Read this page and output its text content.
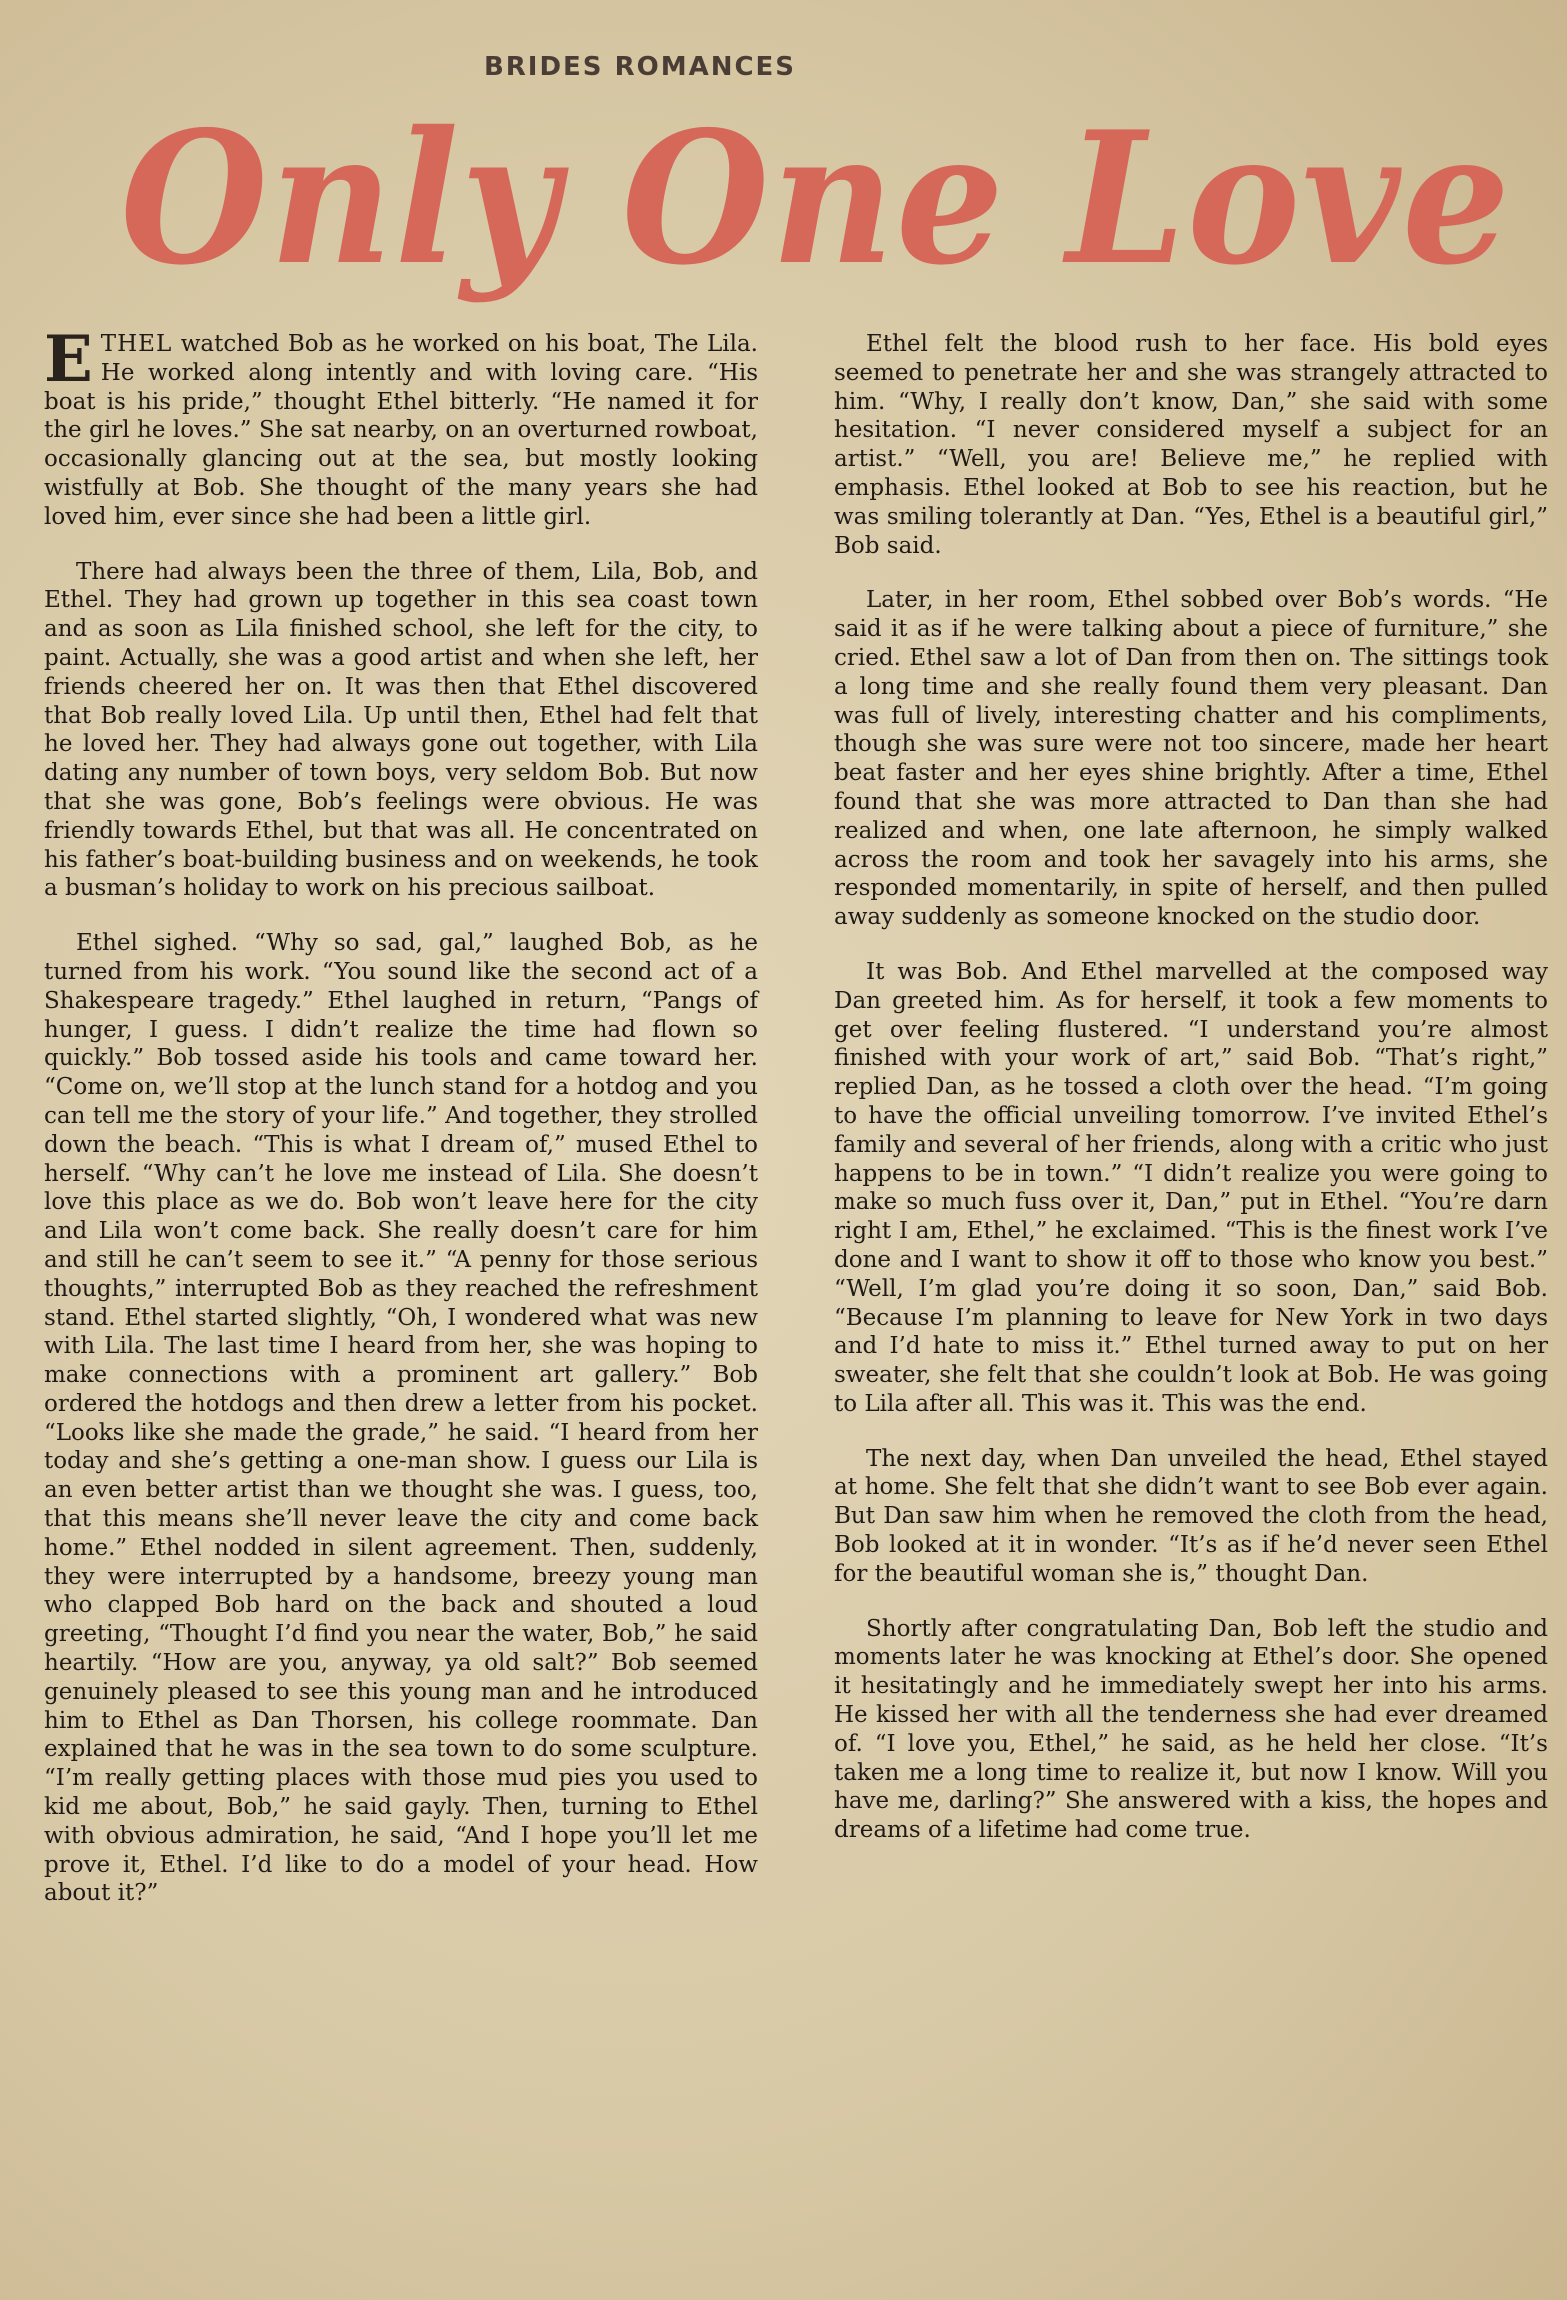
BRIDES ROMANCES
Only One Love

ETHEL watched Bob as he worked on his boat, The Lila. He worked along intently and with loving care. “His boat is his pride,” thought Ethel bitterly. “He named it for the girl he loves.” She sat nearby, on an overturned rowboat, occasionally glancing out at the sea, but mostly looking wistfully at Bob. She thought of the many years she had loved him, ever since she had been a little girl.

There had always been the three of them, Lila, Bob, and Ethel. They had grown up together in this sea coast town and as soon as Lila finished school, she left for the city, to paint. Actually, she was a good artist and when she left, her friends cheered her on. It was then that Ethel discovered that Bob really loved Lila. Up until then, Ethel had felt that he loved her. They had always gone out together, with Lila dating any number of town boys, very seldom Bob. But now that she was gone, Bob’s feelings were obvious. He was friendly towards Ethel, but that was all. He concentrated on his father’s boat-building business and on weekends, he took a busman’s holiday to work on his precious sailboat.

Ethel sighed. “Why so sad, gal,” laughed Bob, as he turned from his work. “You sound like the second act of a Shakespeare tragedy.” Ethel laughed in return, “Pangs of hunger, I guess. I didn’t realize the time had flown so quickly.” Bob tossed aside his tools and came toward her. “Come on, we’ll stop at the lunch stand for a hotdog and you can tell me the story of your life.” And together, they strolled down the beach. “This is what I dream of,” mused Ethel to herself. “Why can’t he love me instead of Lila. She doesn’t love this place as we do. Bob won’t leave here for the city and Lila won’t come back. She really doesn’t care for him and still he can’t seem to see it.” “A penny for those serious thoughts,” interrupted Bob as they reached the refreshment stand. Ethel started slightly, “Oh, I wondered what was new with Lila. The last time I heard from her, she was hoping to make connections with a prominent art gallery.” Bob ordered the hotdogs and then drew a letter from his pocket. “Looks like she made the grade,” he said. “I heard from her today and she’s getting a one-man show. I guess our Lila is an even better artist than we thought she was. I guess, too, that this means she’ll never leave the city and come back home.” Ethel nodded in silent agreement. Then, suddenly, they were interrupted by a handsome, breezy young man who clapped Bob hard on the back and shouted a loud greeting, “Thought I’d find you near the water, Bob,” he said heartily. “How are you, anyway, ya old salt?” Bob seemed genuinely pleased to see this young man and he introduced him to Ethel as Dan Thorsen, his college roommate. Dan explained that he was in the sea town to do some sculpture. “I’m really getting places with those mud pies you used to kid me about, Bob,” he said gayly. Then, turning to Ethel with obvious admiration, he said, “And I hope you’ll let me prove it, Ethel. I’d like to do a model of your head. How about it?”

Ethel felt the blood rush to her face. His bold eyes seemed to penetrate her and she was strangely attracted to him. “Why, I really don’t know, Dan,” she said with some hesitation. “I never considered myself a subject for an artist.” “Well, you are! Believe me,” he replied with emphasis. Ethel looked at Bob to see his reaction, but he was smiling tolerantly at Dan. “Yes, Ethel is a beautiful girl,” Bob said.

Later, in her room, Ethel sobbed over Bob’s words. “He said it as if he were talking about a piece of furniture,” she cried. Ethel saw a lot of Dan from then on. The sittings took a long time and she really found them very pleasant. Dan was full of lively, interesting chatter and his compliments, though she was sure were not too sincere, made her heart beat faster and her eyes shine brightly. After a time, Ethel found that she was more attracted to Dan than she had realized and when, one late afternoon, he simply walked across the room and took her savagely into his arms, she responded momentarily, in spite of herself, and then pulled away suddenly as someone knocked on the studio door.

It was Bob. And Ethel marvelled at the composed way Dan greeted him. As for herself, it took a few moments to get over feeling flustered. “I understand you’re almost finished with your work of art,” said Bob. “That’s right,” replied Dan, as he tossed a cloth over the head. “I’m going to have the official unveiling tomorrow. I’ve invited Ethel’s family and several of her friends, along with a critic who just happens to be in town.” “I didn’t realize you were going to make so much fuss over it, Dan,” put in Ethel. “You’re darn right I am, Ethel,” he exclaimed. “This is the finest work I’ve done and I want to show it off to those who know you best.” “Well, I’m glad you’re doing it so soon, Dan,” said Bob. “Because I’m planning to leave for New York in two days and I’d hate to miss it.” Ethel turned away to put on her sweater, she felt that she couldn’t look at Bob. He was going to Lila after all. This was it. This was the end.

The next day, when Dan unveiled the head, Ethel stayed at home. She felt that she didn’t want to see Bob ever again. But Dan saw him when he removed the cloth from the head, Bob looked at it in wonder. “It’s as if he’d never seen Ethel for the beautiful woman she is,” thought Dan.

Shortly after congratulating Dan, Bob left the studio and moments later he was knocking at Ethel’s door. She opened it hesitatingly and he immediately swept her into his arms. He kissed her with all the tenderness she had ever dreamed of. “I love you, Ethel,” he said, as he held her close. “It’s taken me a long time to realize it, but now I know. Will you have me, darling?” She answered with a kiss, the hopes and dreams of a lifetime had come true.
